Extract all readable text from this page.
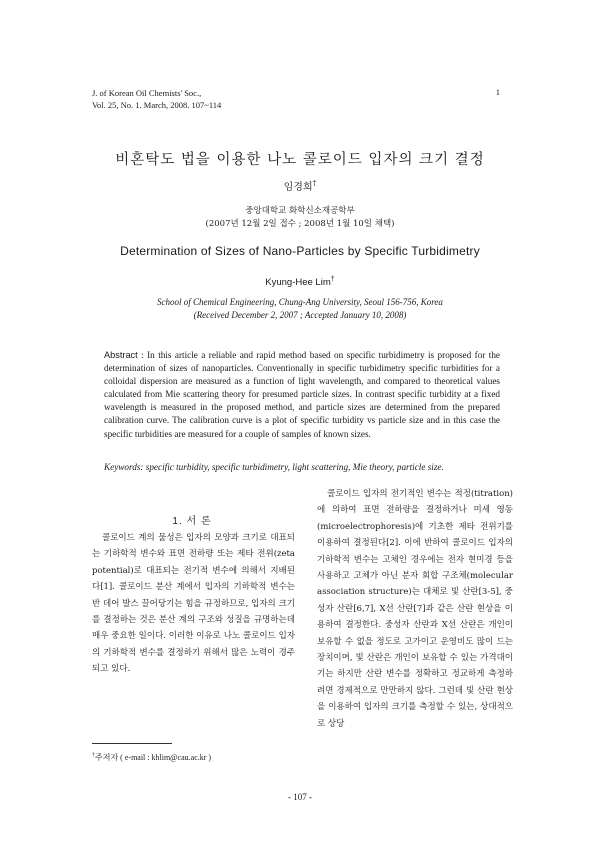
J. of Korean Oil Chemists' Soc.,
Vol. 25, No. 1. March, 2008. 107~114
1
비혼탁도 법을 이용한 나노 콜로이드 입자의 크기 결정
임경희†
중앙대학교 화학신소재공학부
(2007년 12월 2일 접수 ; 2008년 1월 10일 채택)
Determination of Sizes of Nano-Particles by Specific Turbidimetry
Kyung-Hee Lim†
School of Chemical Engineering, Chung-Ang University, Seoul 156-756, Korea
(Received December 2, 2007 ; Accepted January 10, 2008)
Abstract : In this article a reliable and rapid method based on specific turbidimetry is proposed for the determination of sizes of nanoparticles. Conventionally in specific turbidimetry specific turbidities for a colloidal dispersion are measured as a function of light wavelength, and compared to theoretical values calculated from Mie scattering theory for presumed particle sizes. In contrast specific turbidity at a fixed wavelength is measured in the proposed method, and particle sizes are determined from the prepared calibration curve. The calibration curve is a plot of specific turbidity vs particle size and in this case the specific turbidities are measured for a couple of samples of known sizes.
Keywords: specific turbidity, specific turbidimetry, light scattering, Mie theory, particle size.
1. 서 론
콜로이드 계의 물성은 입자의 모양과 크기로 대표되는 기하학적 변수와 표면 전하량 또는 제타 전위(zeta potential)로 대표되는 전기적 변수에 의해서 지배된다[1]. 콜로이드 분산 계에서 입자의 기하학적 변수는 반 데어 발스 끌어당기는 힘을 규정하므로, 입자의 크기를 결정하는 것은 분산 계의 구조와 성질을 규명하는데 매우 중요한 일이다. 이러한 이유로 나노 콜로이드 입자의 기하학적 변수를 결정하기 위해서 많은 노력이 경주되고 있다.
콜로이드 입자의 전기적인 변수는 적정(titration)에 의하여 표면 전하량을 결정하거나 미세 영동(microelectrophoresis)에 기초한 제타 전위기를 이용하여 결정된다[2]. 이에 반하여 콜로이드 입자의 기하학적 변수는 고체인 경우에는 전자 현미경 등을 사용하고 고체가 아닌 분자 회합 구조체(molecular association structure)는 대체로 빛 산란[3-5], 중성자 산란[6,7], X선 산란[7]과 같은 산란 현상을 이용하여 결정한다. 중성자 산란과 X선 산란은 개인이 보유할 수 없을 정도로 고가이고 운영비도 많이 드는 장치이며, 빛 산란은 개인이 보유할 수 있는 가격대이기는 하지만 산란 변수를 정확하고 정교하게 측정하려면 경제적으로 만만하지 않다. 그런데 빛 산란 현상을 이용하여 입자의 크기를 측정할 수 있는, 상대적으로 상당
†주저자 ( e-mail : khlim@cau.ac.kr )
- 107 -
